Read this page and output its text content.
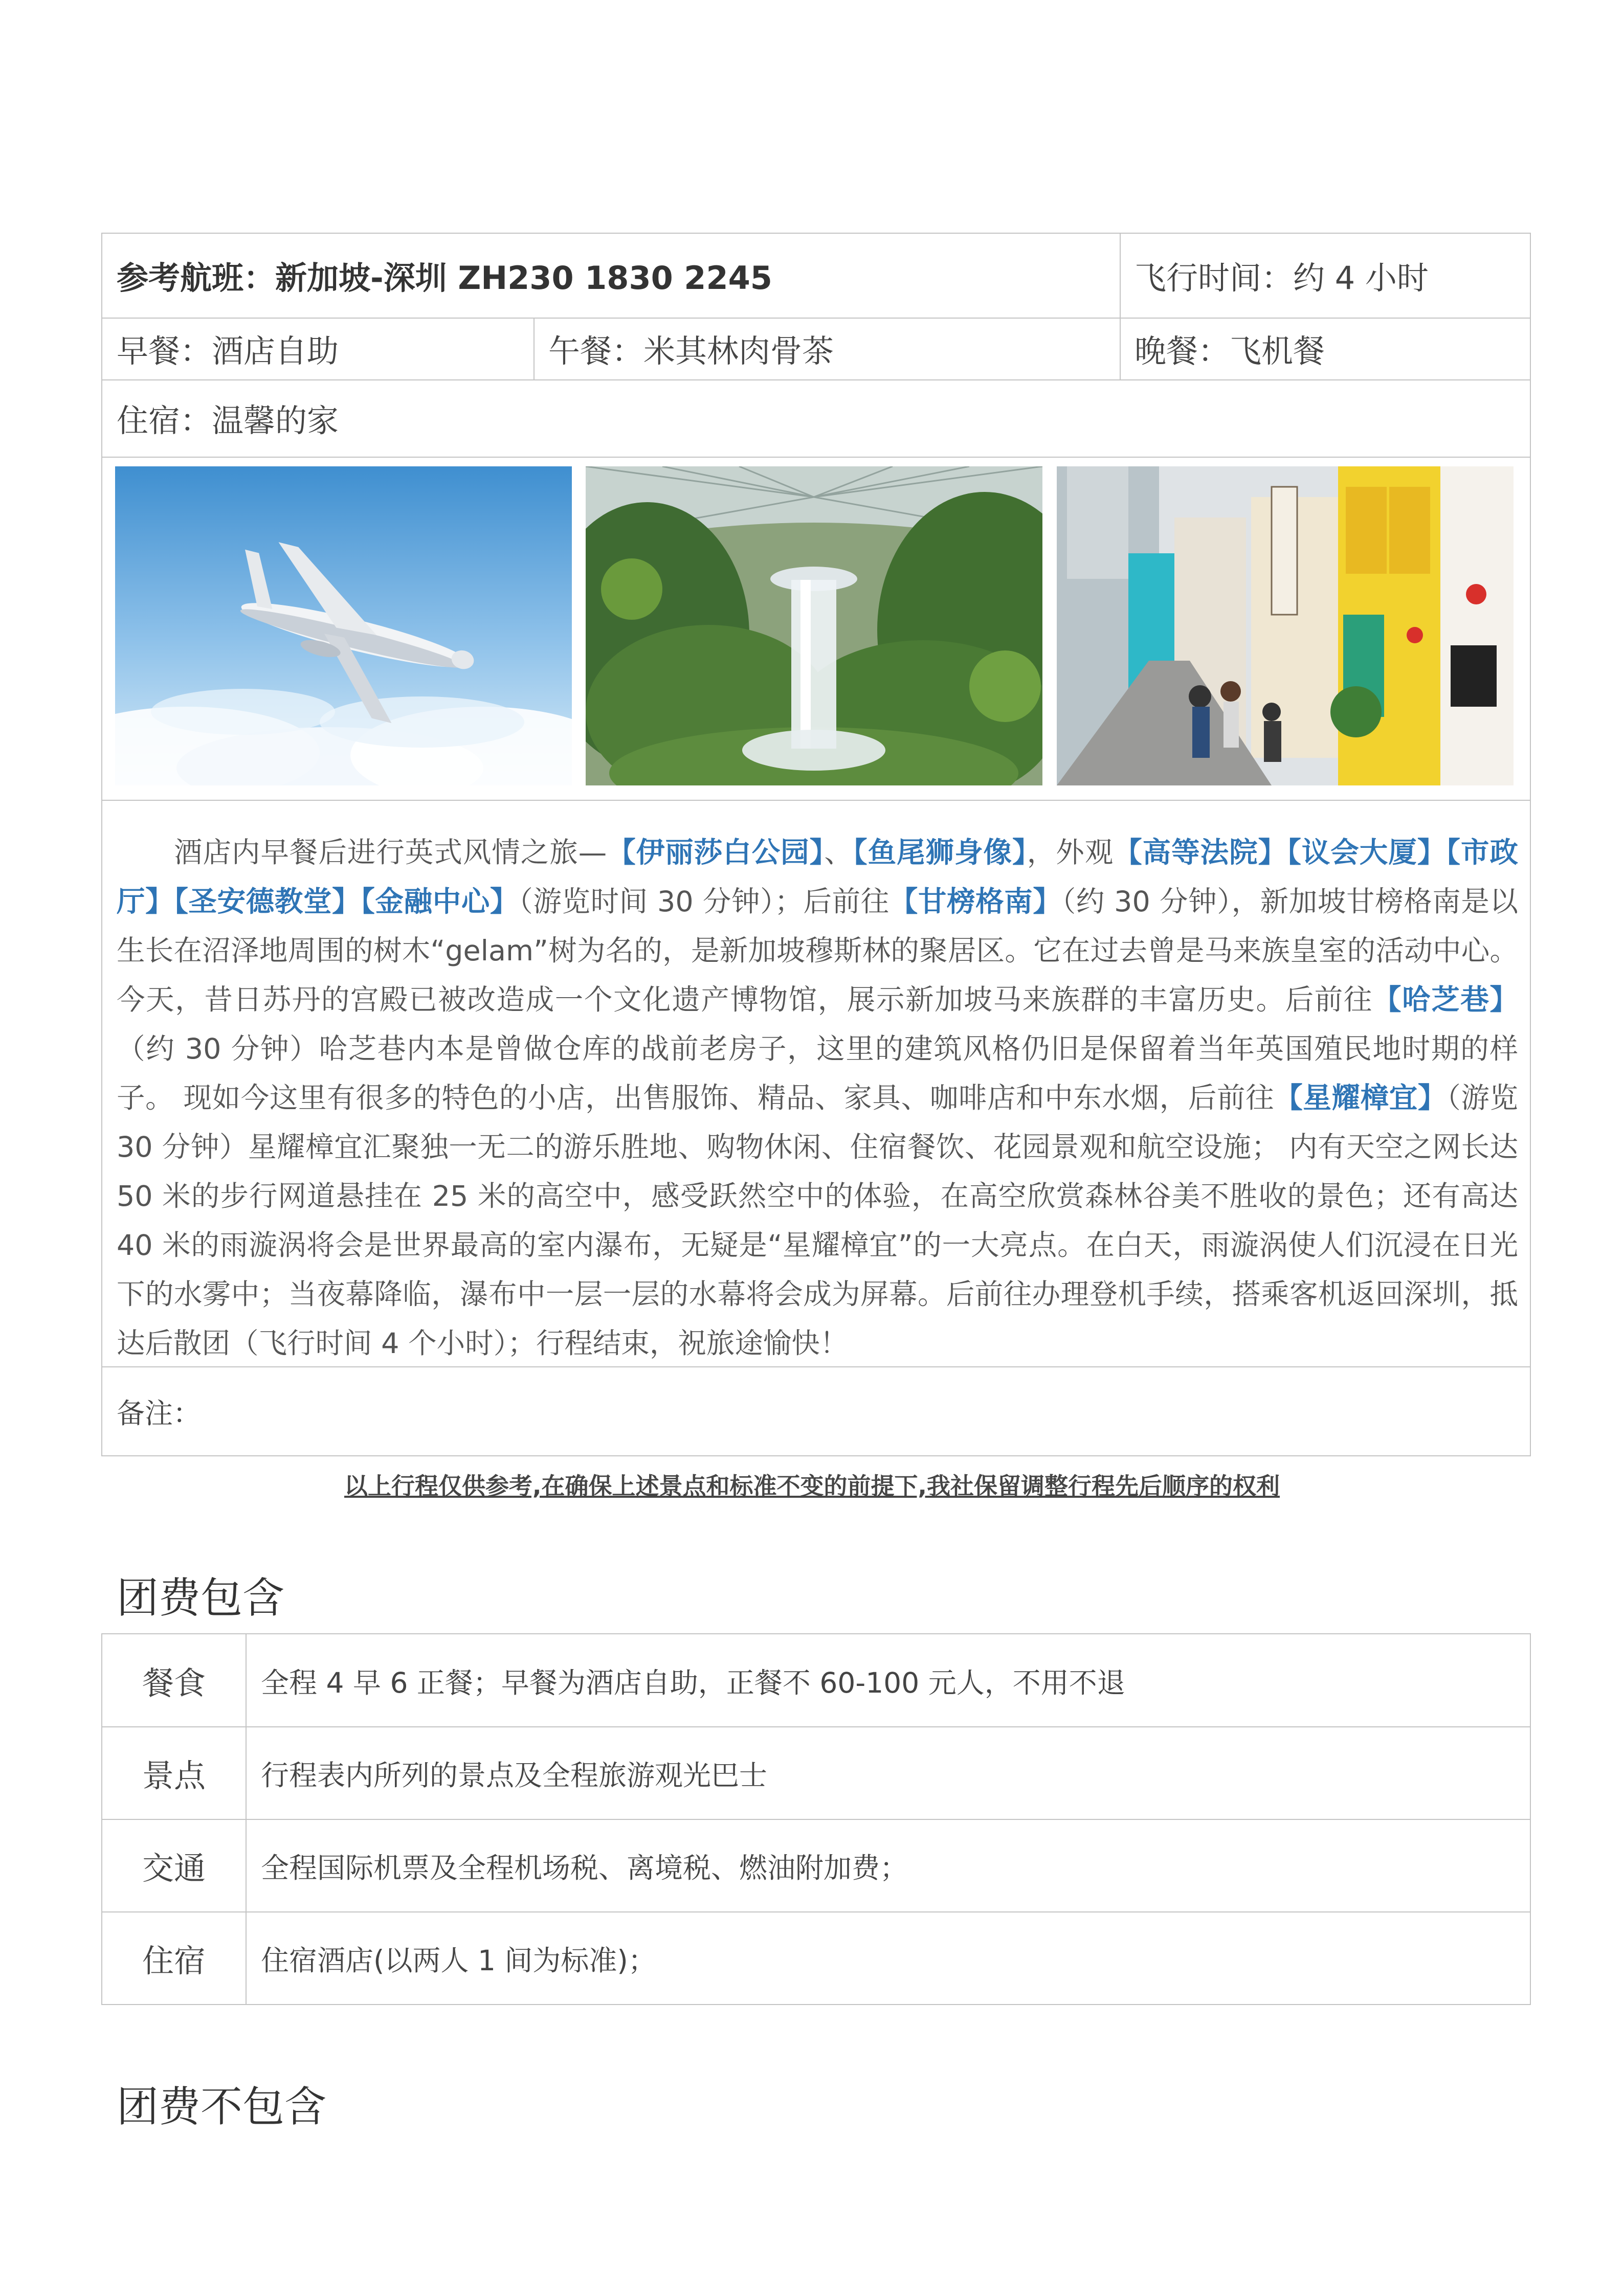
参考航班：新加坡-深圳 ZH230 1830 2245	飞行时间：约 4 小时
早餐：酒店自助	午餐：米其林肉骨茶	晚餐：飞机餐
住宿：温馨的家

酒店内早餐后进行英式风情之旅—【伊丽莎白公园】、【鱼尾狮身像】，外观【高等法院】【议会大厦】【市政厅】【圣安德教堂】【金融中心】（游览时间 30 分钟）；后前往【甘榜格南】（约 30 分钟），新加坡甘榜格南是以生长在沼泽地周围的树木“gelam”树为名的，是新加坡穆斯林的聚居区。它在过去曾是马来族皇室的活动中心。今天，昔日苏丹的宫殿已被改造成一个文化遗产博物馆，展示新加坡马来族群的丰富历史。后前往【哈芝巷】（约 30 分钟）哈芝巷内本是曾做仓库的战前老房子，这里的建筑风格仍旧是保留着当年英国殖民地时期的样子。 现如今这里有很多的特色的小店，出售服饰、精品、家具、咖啡店和中东水烟，后前往【星耀樟宜】（游览 30 分钟）星耀樟宜汇聚独一无二的游乐胜地、购物休闲、住宿餐饮、花园景观和航空设施； 内有天空之网长达 50 米的步行网道悬挂在 25 米的高空中，感受跃然空中的体验，在高空欣赏森林谷美不胜收的景色；还有高达 40 米的雨漩涡将会是世界最高的室内瀑布，无疑是“星耀樟宜”的一大亮点。在白天，雨漩涡使人们沉浸在日光下的水雾中；当夜幕降临，瀑布中一层一层的水幕将会成为屏幕。后前往办理登机手续，搭乘客机返回深圳，抵达后散团（飞行时间 4 个小时）；行程结束，祝旅途愉快！

备注：
以上行程仅供参考,在确保上述景点和标准不变的前提下,我社保留调整行程先后顺序的权利
团费包含
餐食	全程 4 早 6 正餐；早餐为酒店自助，正餐不 60-100 元人，不用不退
景点	行程表内所列的景点及全程旅游观光巴士
交通	全程国际机票及全程机场税、离境税、燃油附加费；
住宿	住宿酒店(以两人 1 间为标准)；
团费不包含
